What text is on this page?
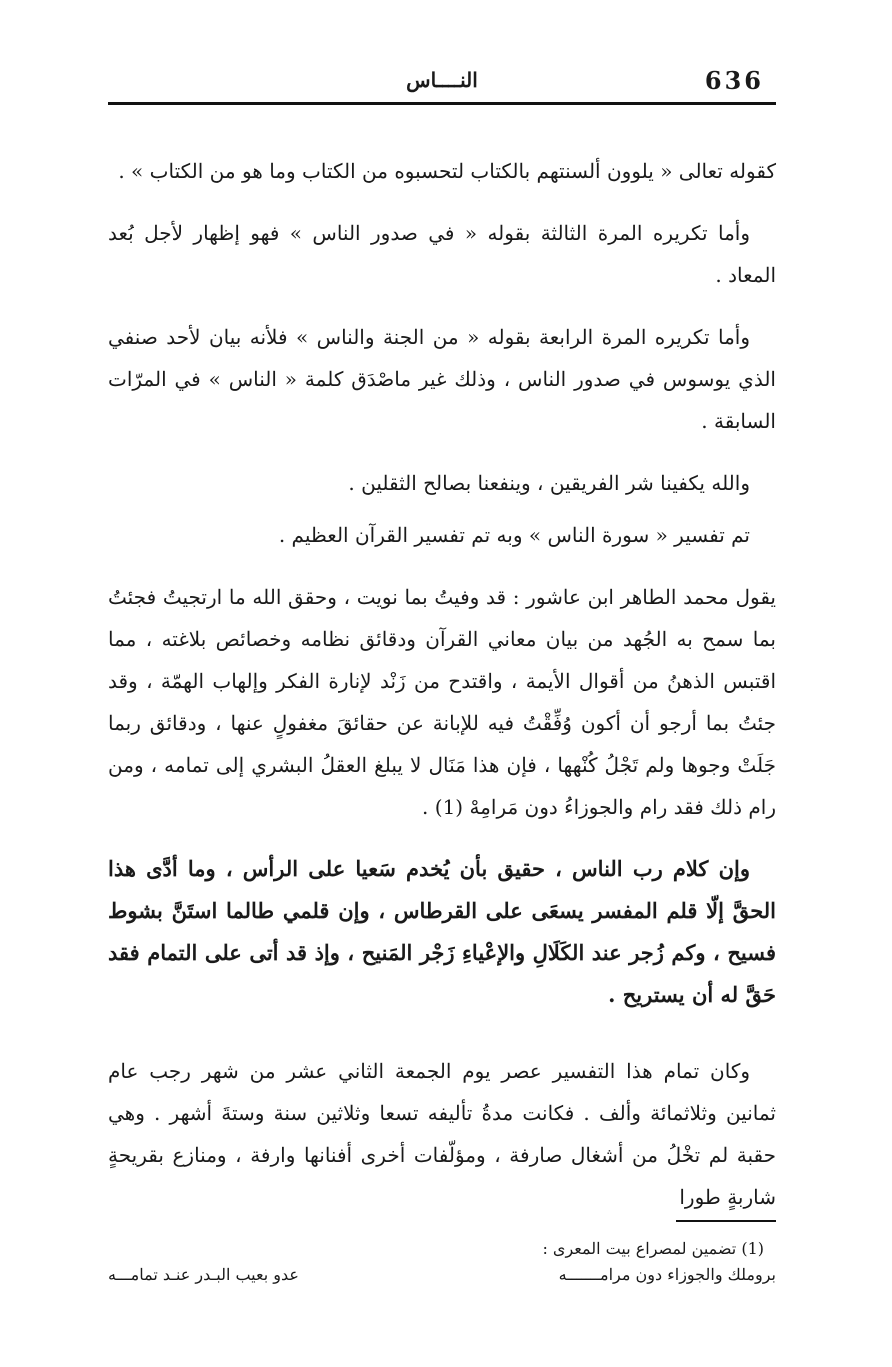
636
النــــاس

كقوله تعالى « يلوون ألسنتهم بالكتاب لتحسبوه من الكتاب وما هو من الكتاب » .

وأما تكريره المرة الثالثة بقوله « في صدور الناس » فهو إظهار لأجل بُعد المعاد .

وأما تكريره المرة الرابعة بقوله « من الجنة والناس » فلأنه بيان لأحد صنفي الذي يوسوس في صدور الناس ، وذلك غير ماصْدَق كلمة « الناس » في المرّات السابقة .

والله يكفينا شر الفريقين ، وينفعنا بصالح الثقلين .

تم تفسير « سورة الناس » وبه تم تفسير القرآن العظيم .

يقول محمد الطاهر ابن عاشور : قد وفيتُ بما نويت ، وحقق الله ما ارتجيتُ فجئتُ بما سمح به الجُهد من بيان معاني القرآن ودقائق نظامه وخصائص بلاغته ، مما اقتبس الذهنُ من أقوال الأيمة ، واقتدح من زَنْد لإنارة الفكر وإلهاب الهمّة ، وقد جئتُ بما أرجو أن أكون وُفِّقْتُ فيه للإبانة عن حقائقَ مغفولٍ عنها ، ودقائق ربما جَلَتْ وجوها ولم تَجْلُ كُنْهها ، فإن هذا مَنَال لا يبلغ العقلُ البشري إلى تمامه ، ومن رام ذلك فقد رام والجوزاءُ دون مَرامِهْ (1) .

وإن كلام رب الناس ، حقيق بأن يُخدم سَعيا على الرأس ، وما أدَّى هذا الحقَّ إلّا قلم المفسر يسعَى على القرطاس ، وإن قلمي طالما استَنَّ بشوط فسيح ، وكم زُجر عند الكَلَالِ والإعْياءِ زَجْر المَنيح ، وإذ قد أتى على التمام فقد حَقَّ له أن يستريح .

وكان تمام هذا التفسير عصر يوم الجمعة الثاني عشر من شهر رجب عام ثمانين وثلاثمائة وألف . فكانت مدةُ تأليفه تسعا وثلاثين سنة وستةَ أشهر . وهي حقبة لم تخْلُ من أشغال صارفة ، ومؤلّفات أخرى أفنانها وارفة ، ومنازع بقريحةٍ شاربةٍ طورا

(1) تضمين لمصراع بيت المعرى :
بروملك والجوزاء دون مرامـــــــه
عدو بعيب البـدر عنـد تمامـــه
